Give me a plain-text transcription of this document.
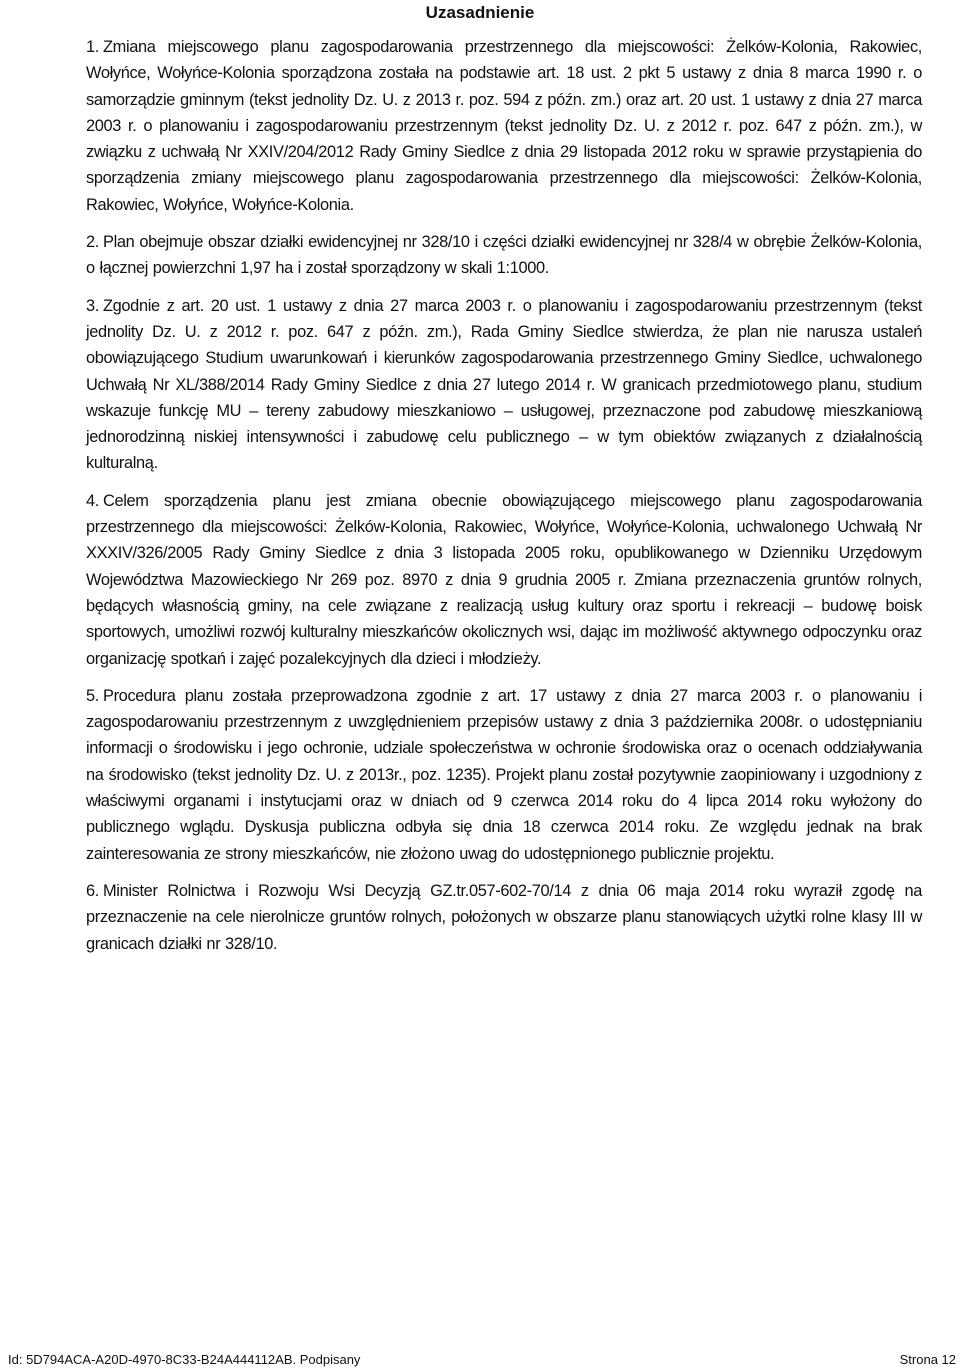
Uzasadnienie

1. Zmiana miejscowego planu zagospodarowania przestrzennego dla miejscowości: Żelków-Kolonia, Rakowiec, Wołyńce, Wołyńce-Kolonia sporządzona została na podstawie art. 18 ust. 2 pkt 5 ustawy z dnia 8 marca 1990 r. o samorządzie gminnym (tekst jednolity Dz. U. z 2013 r. poz. 594 z późn. zm.) oraz art. 20 ust. 1 ustawy z dnia 27 marca 2003 r. o planowaniu i zagospodarowaniu przestrzennym (tekst jednolity Dz. U. z 2012 r. poz. 647 z późn. zm.), w związku z uchwałą Nr XXIV/204/2012 Rady Gminy Siedlce z dnia 29 listopada 2012 roku w sprawie przystąpienia do sporządzenia zmiany miejscowego planu zagospodarowania przestrzennego dla miejscowości: Żelków-Kolonia, Rakowiec, Wołyńce, Wołyńce-Kolonia.

2. Plan obejmuje obszar działki ewidencyjnej nr 328/10 i części działki ewidencyjnej nr 328/4 w obrębie Żelków-Kolonia, o łącznej powierzchni 1,97 ha i został sporządzony w skali 1:1000.

3. Zgodnie z art. 20 ust. 1 ustawy z dnia 27 marca 2003 r. o planowaniu i zagospodarowaniu przestrzennym (tekst jednolity Dz. U. z 2012 r. poz. 647 z późn. zm.), Rada Gminy Siedlce stwierdza, że plan nie narusza ustaleń obowiązującego Studium uwarunkowań i kierunków zagospodarowania przestrzennego Gminy Siedlce, uchwalonego Uchwałą Nr XL/388/2014 Rady Gminy Siedlce z dnia 27 lutego 2014 r. W granicach przedmiotowego planu, studium wskazuje funkcję MU – tereny zabudowy mieszkaniowo – usługowej, przeznaczone pod zabudowę mieszkaniową jednorodzinną niskiej intensywności i zabudowę celu publicznego – w tym obiektów związanych z działalnością kulturalną.

4. Celem sporządzenia planu jest zmiana obecnie obowiązującego miejscowego planu zagospodarowania przestrzennego dla miejscowości: Żelków-Kolonia, Rakowiec, Wołyńce, Wołyńce-Kolonia, uchwalonego Uchwałą Nr XXXIV/326/2005 Rady Gminy Siedlce z dnia 3 listopada 2005 roku, opublikowanego w Dzienniku Urzędowym Województwa Mazowieckiego Nr 269 poz. 8970 z dnia 9 grudnia 2005 r. Zmiana przeznaczenia gruntów rolnych, będących własnością gminy, na cele związane z realizacją usług kultury oraz sportu i rekreacji – budowę boisk sportowych, umożliwi rozwój kulturalny mieszkańców okolicznych wsi, dając im możliwość aktywnego odpoczynku oraz organizację spotkań i zajęć pozalekcyjnych dla dzieci i młodzieży.

5. Procedura planu została przeprowadzona zgodnie z art. 17 ustawy z dnia 27 marca 2003 r. o planowaniu i zagospodarowaniu przestrzennym z uwzględnieniem przepisów ustawy z dnia 3 października 2008r. o udostępnianiu informacji o środowisku i jego ochronie, udziale społeczeństwa w ochronie środowiska oraz o ocenach oddziaływania na środowisko (tekst jednolity Dz. U. z 2013r., poz. 1235). Projekt planu został pozytywnie zaopiniowany i uzgodniony z właściwymi organami i instytucjami oraz w dniach od 9 czerwca 2014 roku do 4 lipca 2014 roku wyłożony do publicznego wglądu. Dyskusja publiczna odbyła się dnia 18 czerwca 2014 roku. Ze względu jednak na brak zainteresowania ze strony mieszkańców, nie złożono uwag do udostępnionego publicznie projektu.

6. Minister Rolnictwa i Rozwoju Wsi Decyzją GZ.tr.057-602-70/14 z dnia 06 maja 2014 roku wyraził zgodę na przeznaczenie na cele nierolnicze gruntów rolnych, położonych w obszarze planu stanowiących użytki rolne klasy III w granicach działki nr 328/10.

Id: 5D794ACA-A20D-4970-8C33-B24A444112AB. Podpisany	Strona 12
